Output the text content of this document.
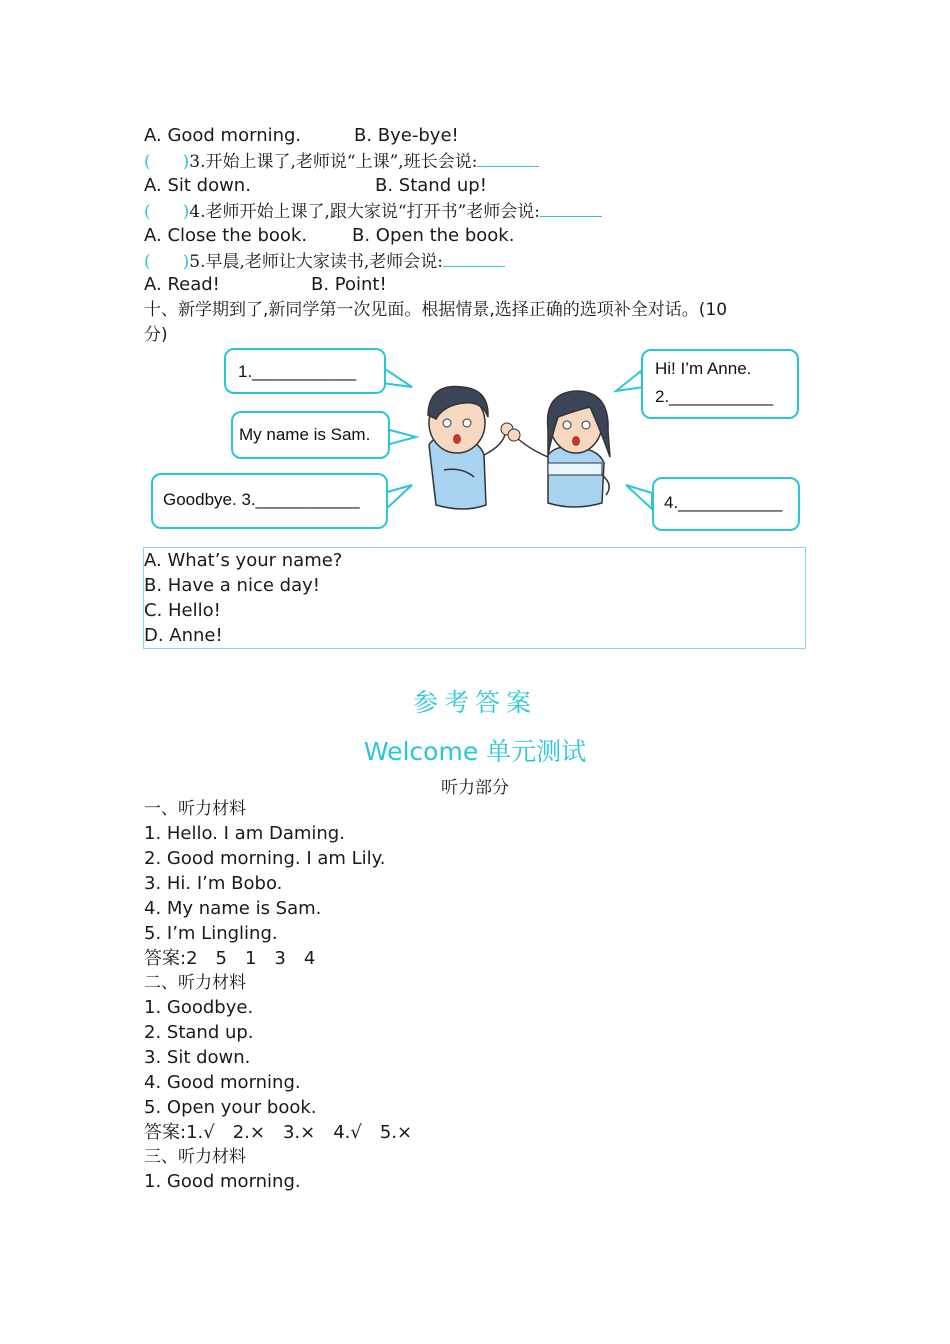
A. Good morning.	B. Bye-bye!
( )3.开始上课了,老师说“上课”,班长会说:
A. Sit down.	B. Stand up!
( )4.老师开始上课了,跟大家说“打开书”老师会说:
A. Close the book. B. Open the book.
( )5.早晨,老师让大家读书,老师会说:
A. Read!	B. Point!
十、新学期到了,新同学第一次见面。根据情景,选择正确的选项补全对话。(10
分)
1.___________
My name is Sam.
Goodbye. 3.___________
Hi! I’m Anne.
2.___________
4.___________
A. What’s your name?
B. Have a nice day!
C. Hello!
D. Anne!
参考答案
Welcome 单元测试
听力部分
一、听力材料
1. Hello. I am Daming.
2. Good morning. I am Lily.
3. Hi. I’m Bobo.
4. My name is Sam.
5. I’m Lingling.
答案:2　5　1　3　4
二、听力材料
1. Goodbye.
2. Stand up.
3. Sit down.
4. Good morning.
5. Open your book.
答案:1.√　2.×　3.×　4.√　5.×
三、听力材料
1. Good morning.
